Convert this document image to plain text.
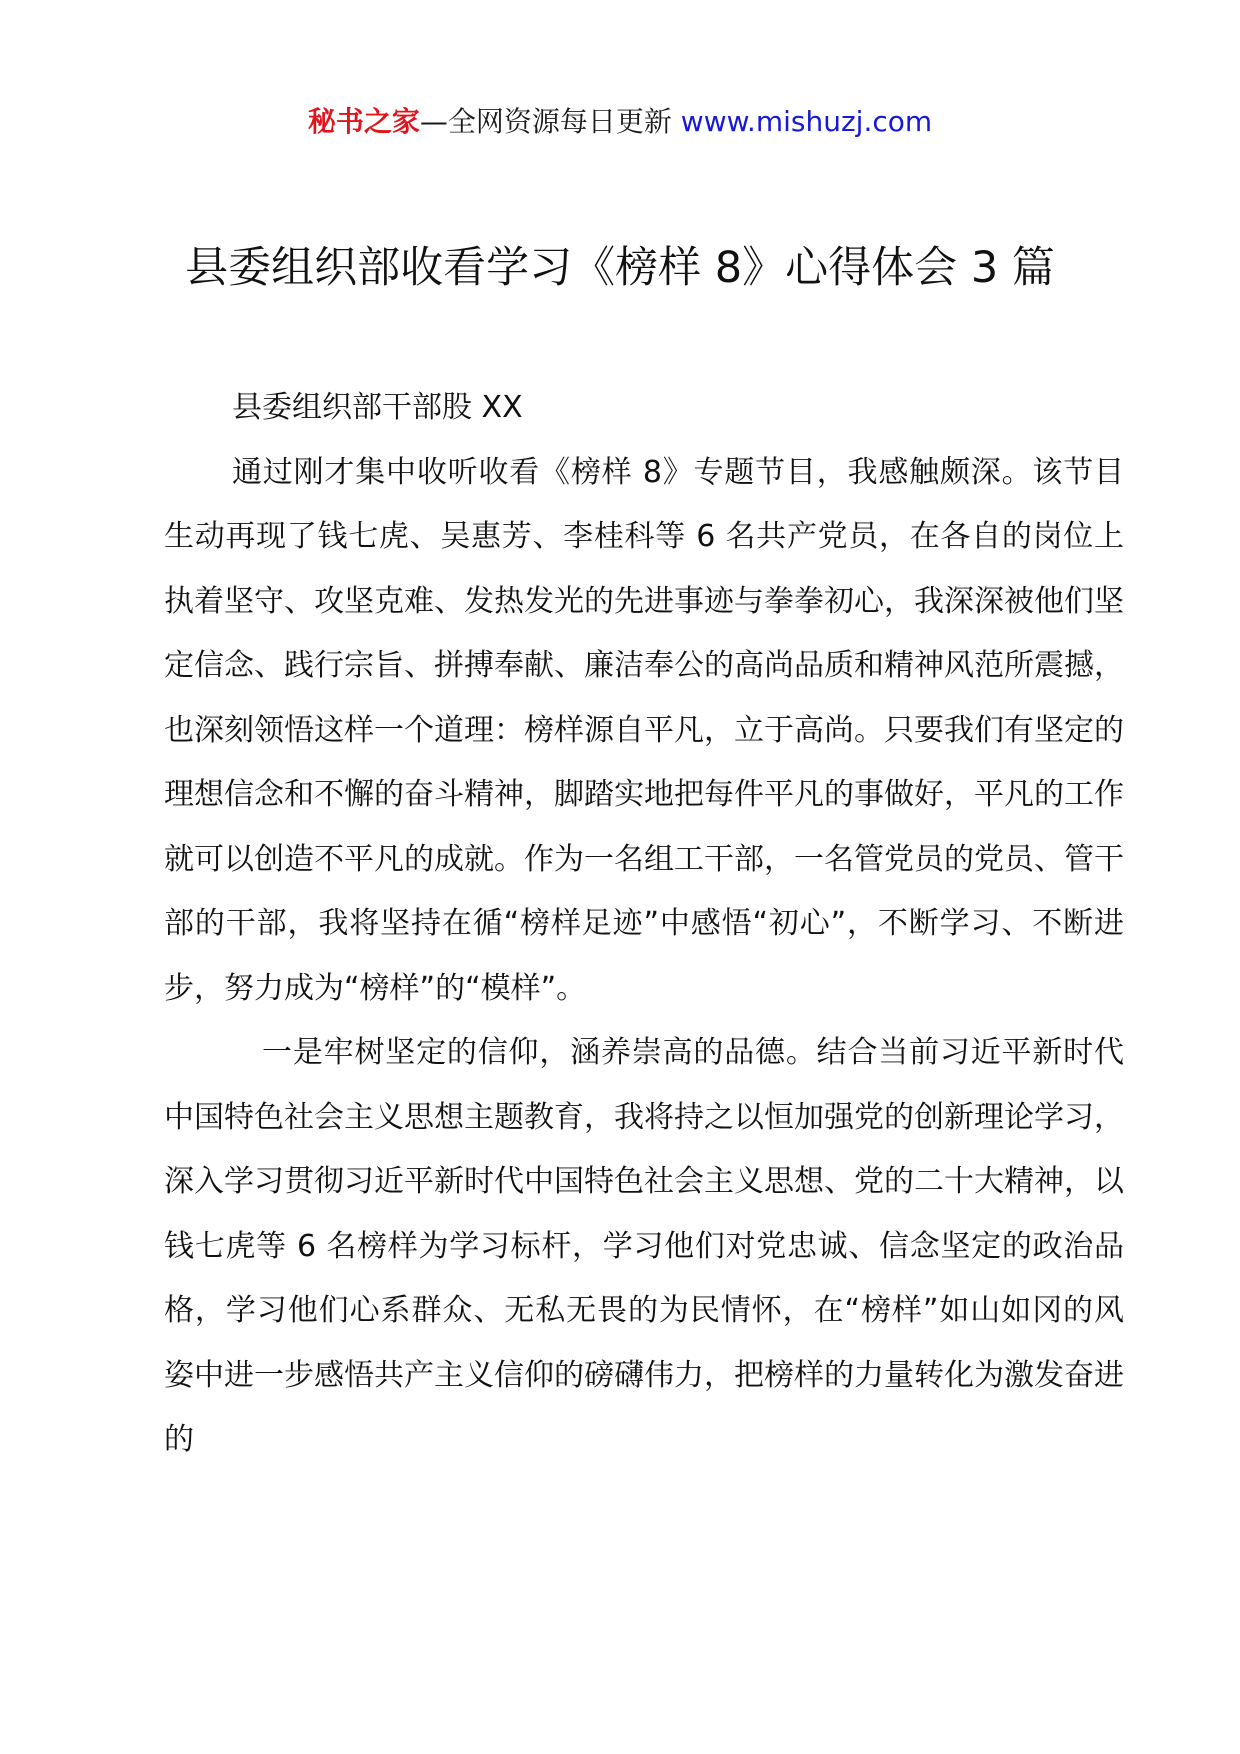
秘书之家—全网资源每日更新 www.mishuzj.com
县委组织部收看学习《榜样 8》心得体会 3 篇

县委组织部干部股 XX

通过刚才集中收听收看《榜样 8》专题节目，我感触颇深。该节目生动再现了钱七虎、吴惠芳、李桂科等 6 名共产党员，在各自的岗位上执着坚守、攻坚克难、发热发光的先进事迹与拳拳初心，我深深被他们坚定信念、践行宗旨、拼搏奉献、廉洁奉公的高尚品质和精神风范所震撼，也深刻领悟这样一个道理：榜样源自平凡，立于高尚。只要我们有坚定的理想信念和不懈的奋斗精神，脚踏实地把每件平凡的事做好，平凡的工作就可以创造不平凡的成就。作为一名组工干部，一名管党员的党员、管干部的干部，我将坚持在循“榜样足迹”中感悟“初心”，不断学习、不断进步，努力成为“榜样”的“模样”。

一是牢树坚定的信仰，涵养崇高的品德。结合当前习近平新时代中国特色社会主义思想主题教育，我将持之以恒加强党的创新理论学习，深入学习贯彻习近平新时代中国特色社会主义思想、党的二十大精神，以钱七虎等 6 名榜样为学习标杆，学习他们对党忠诚、信念坚定的政治品格，学习他们心系群众、无私无畏的为民情怀，在“榜样”如山如冈的风姿中进一步感悟共产主义信仰的磅礴伟力，把榜样的力量转化为激发奋进的
